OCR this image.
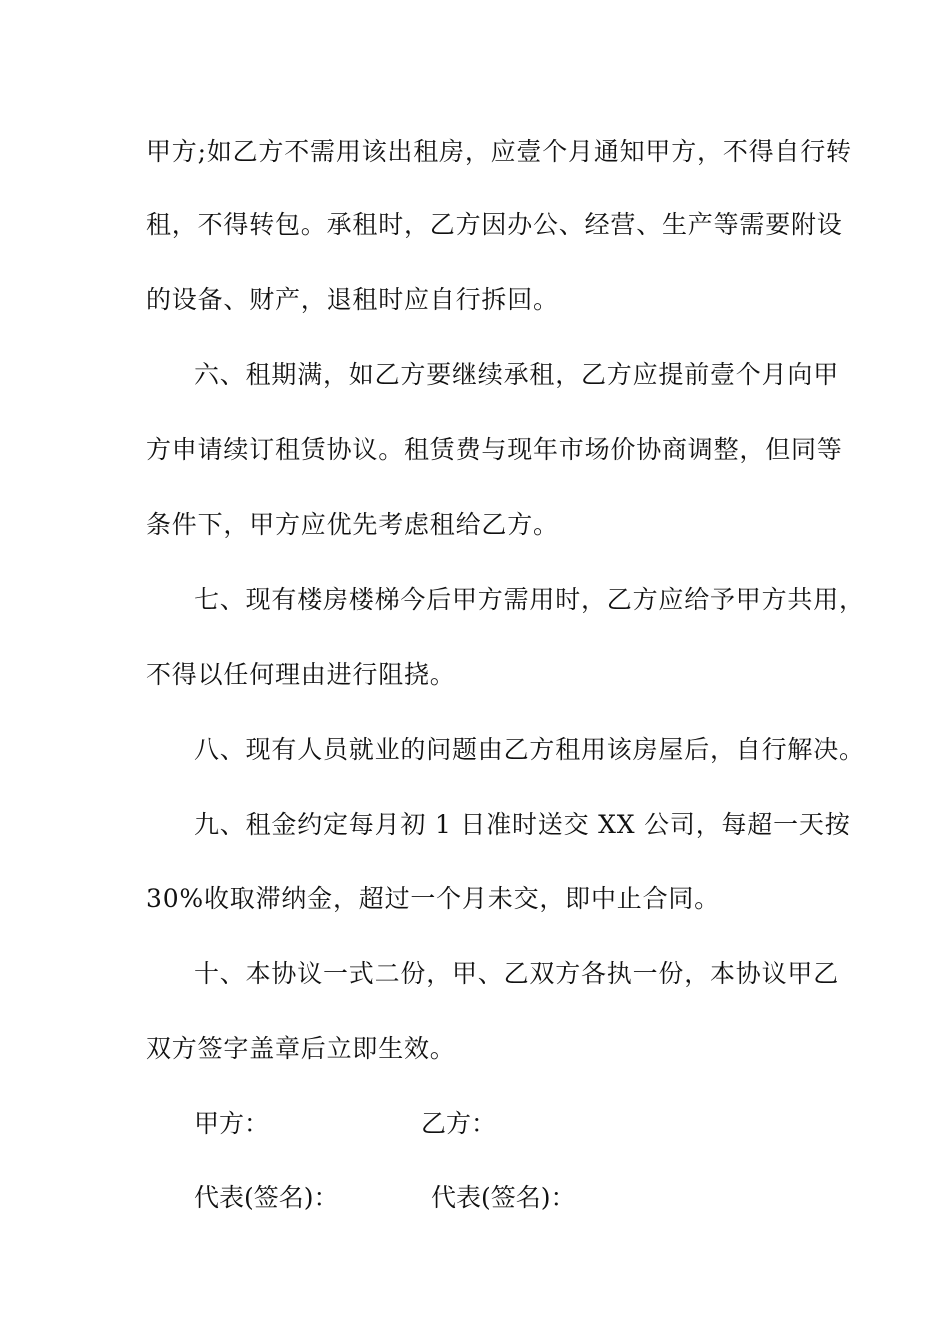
甲方;如乙方不需用该出租房，应壹个月通知甲方，不得自行转
租，不得转包。承租时，乙方因办公、经营、生产等需要附设
的设备、财产，退租时应自行拆回。
六、租期满，如乙方要继续承租，乙方应提前壹个月向甲
方申请续订租赁协议。租赁费与现年市场价协商调整，但同等
条件下，甲方应优先考虑租给乙方。
七、现有楼房楼梯今后甲方需用时，乙方应给予甲方共用，
不得以任何理由进行阻挠。
八、现有人员就业的问题由乙方租用该房屋后，自行解决。
九、租金约定每月初 1 日准时送交 XX 公司，每超一天按
30%收取滞纳金，超过一个月未交，即中止合同。
十、本协议一式二份，甲、乙双方各执一份，本协议甲乙
双方签字盖章后立即生效。
甲方：	乙方：
代表(签名)：	代表(签名)：
